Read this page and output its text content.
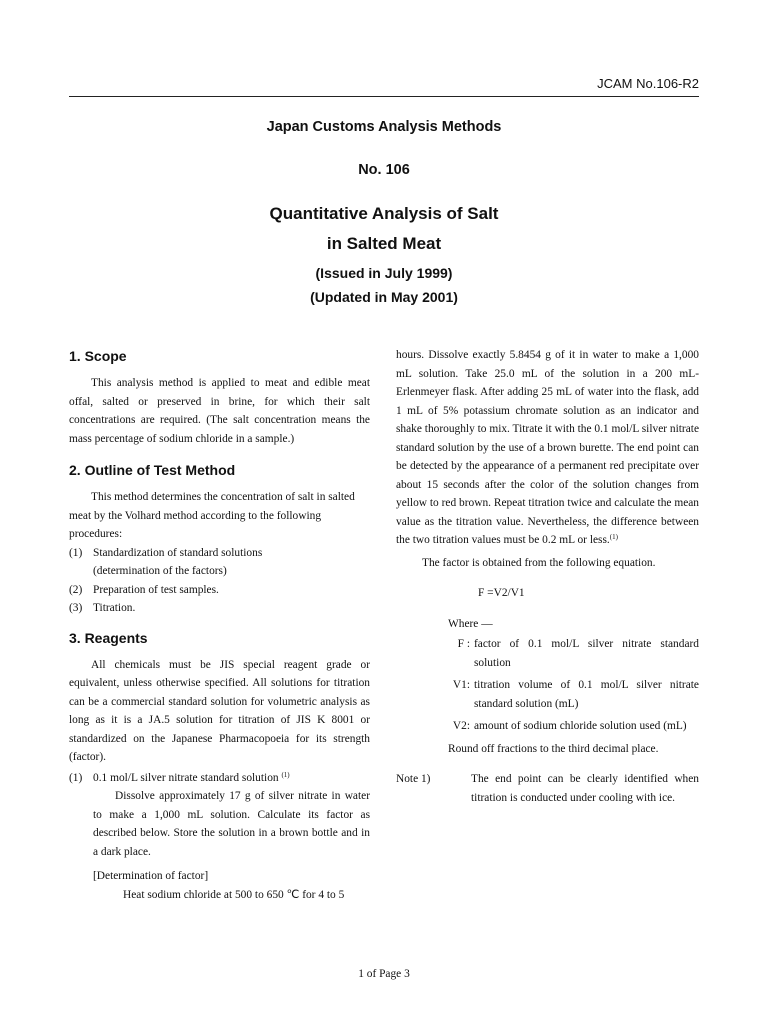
JCAM No.106-R2
Japan Customs Analysis Methods
No. 106
Quantitative Analysis of Salt
in Salted Meat
(Issued in July 1999)
(Updated in May 2001)
1. Scope

This analysis method is applied to meat and edible meat offal, salted or preserved in brine, for which their salt concentrations are required. (The salt concentration means the mass percentage of sodium chloride in a sample.)

2. Outline of Test Method

This method determines the concentration of salt in salted meat by the Volhard method according to the following procedures:

(1) Standardization of standard solutions
(determination of the factors)
(2) Preparation of test samples.
(3) Titration.
3. Reagents

All chemicals must be JIS special reagent grade or equivalent, unless otherwise specified. All solutions for titration can be a commercial standard solution for volumetric analysis as long as it is a JA.5 solution for titration of JIS K 8001 or standardized on the Japanese Pharmacopoeia for its strength (factor).

(1) 0.1 mol/L silver nitrate standard solution $^{(1)}$

Dissolve approximately 17 g of silver nitrate in water to make a 1,000 mL solution. Calculate its factor as described below. Store the solution in a brown bottle and in a dark place.

[Determination of factor]

Heat sodium chloride at 500 to 650 ℃ for 4 to 5

hours. Dissolve exactly 5.8454 g of it in water to make a 1,000 mL solution. Take 25.0 mL of the solution in a 200 mL-Erlenmeyer flask. After adding 25 mL of water into the flask, add 1 mL of 5% potassium chromate solution as an indicator and shake thoroughly to mix. Titrate it with the 0.1 mol/L silver nitrate standard solution by the use of a brown burette. The end point can be detected by the appearance of a permanent red precipitate over about 15 seconds after the color of the solution changes from yellow to red brown. Repeat titration twice and calculate the mean value as the titration value. Nevertheless, the difference between the two titration values must be 0.2 mL or less.$^{(1)}$

The factor is obtained from the following equation.

F =V2/V1

Where —

F : factor of 0.1 mol/L silver nitrate standard solution
V1: titration volume of 0.1 mol/L silver nitrate standard solution (mL)
V2: amount of sodium chloride solution used (mL)

Round off fractions to the third decimal place.

Note 1)	The end point can be clearly identified when titration is conducted under cooling with ice.
1 of Page 3
